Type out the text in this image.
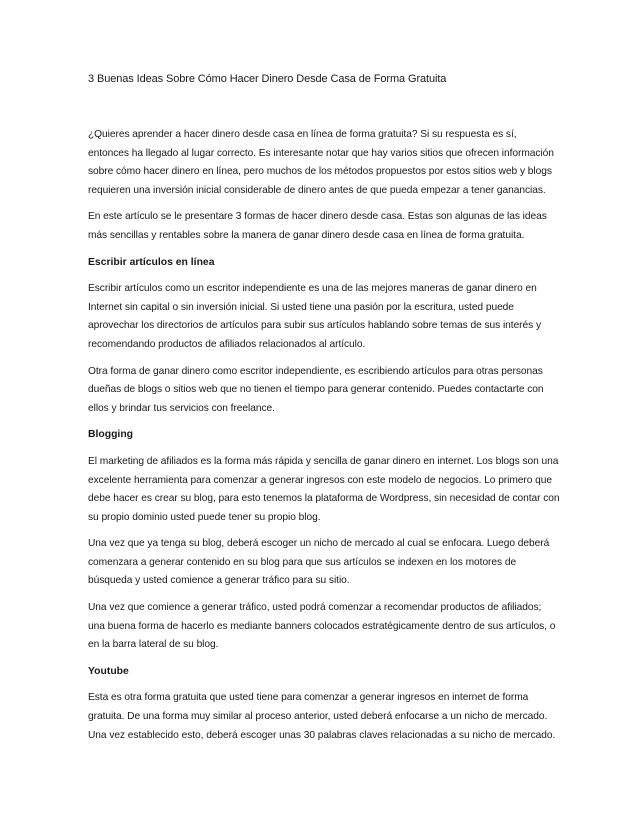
3 Buenas Ideas Sobre Cómo Hacer Dinero Desde Casa de Forma Gratuita

¿Quieres aprender a hacer dinero desde casa en línea de forma gratuita? Si su respuesta es sí, entonces ha llegado al lugar correcto. Es interesante notar que hay varios sitios que ofrecen información sobre cómo hacer dinero en línea, pero muchos de los métodos propuestos por estos sitios web y blogs requieren una inversión inicial considerable de dinero antes de que pueda empezar a tener ganancias.

En este artículo se le presentare 3 formas de hacer dinero desde casa. Estas son algunas de las ideas más sencillas y rentables sobre la manera de ganar dinero desde casa en línea de forma gratuita.

Escribir artículos en línea

Escribir artículos como un escritor independiente es una de las mejores maneras de ganar dinero en Internet sin capital o sin inversión inicial. Si usted tiene una pasión por la escritura, usted puede aprovechar los directorios de artículos para subir sus artículos hablando sobre temas de sus interés y recomendando productos de afiliados relacionados al artículo.

Otra forma de ganar dinero como escritor independiente, es escribiendo artículos para otras personas dueñas de blogs o sitios web que no tienen el tiempo para generar contenido. Puedes contactarte con ellos y brindar tus servicios con freelance.

Blogging

El marketing de afiliados es la forma más rápida y sencilla de ganar dinero en internet. Los blogs son una excelente herramienta para comenzar a generar ingresos con este modelo de negocios. Lo primero que debe hacer es crear su blog, para esto tenemos la plataforma de Wordpress, sin necesidad de contar con su propio dominio usted puede tener su propio blog.

Una vez que ya tenga su blog, deberá escoger un nicho de mercado al cual se enfocara. Luego deberá comenzara a generar contenido en su blog para que sus artículos se indexen en los motores de búsqueda y usted comience a generar tráfico para su sitio.

Una vez que comience a generar tráfico, usted podrá comenzar a recomendar productos de afiliados; una buena forma de hacerlo es mediante banners colocados estratégicamente dentro de sus artículos, o en la barra lateral de su blog.

Youtube

Esta es otra forma gratuita que usted tiene para comenzar a generar ingresos en internet de forma gratuita. De una forma muy similar al proceso anterior, usted deberá enfocarse a un nicho de mercado. Una vez establecido esto, deberá escoger unas 30 palabras claves relacionadas a su nicho de mercado.
